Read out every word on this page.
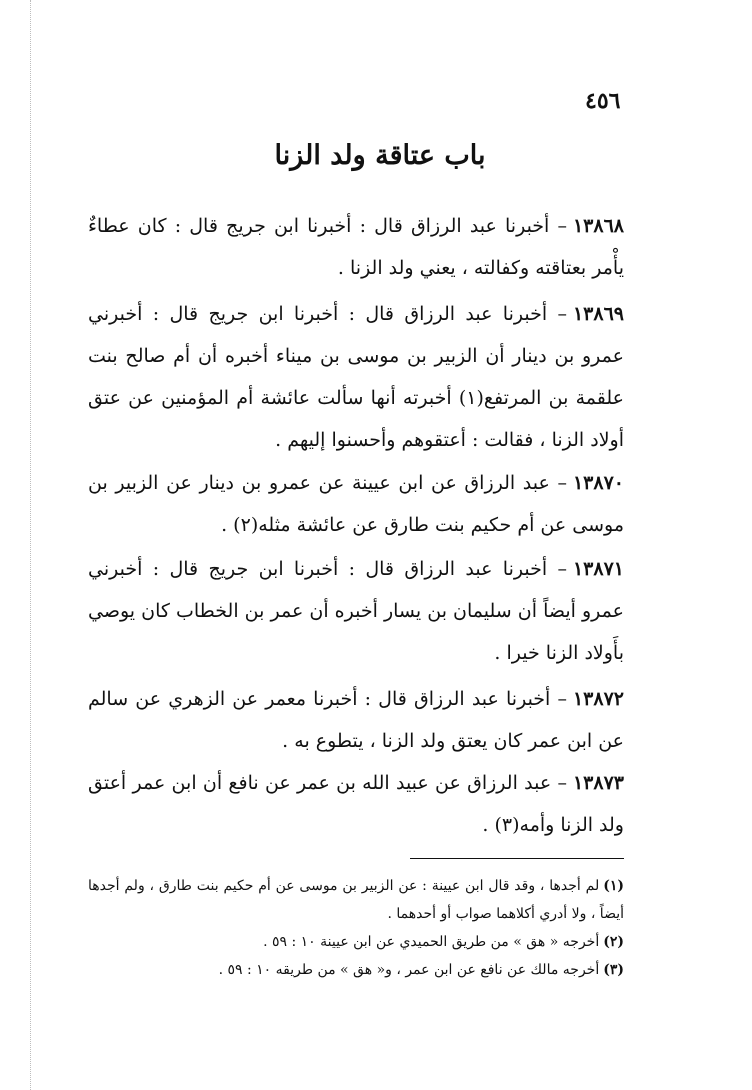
٤٥٦
باب عتاقة ولد الزنا
١٣٨٦٨– أخبرنا عبد الرزاق قال : أخبرنا ابن جريج قال : كان عطاءٌ يأْمر بعتاقته وكفالته ، يعني ولد الزنا .
١٣٨٦٩– أخبرنا عبد الرزاق قال : أخبرنا ابن جريج قال : أخبرني عمرو بن دينار أن الزبير بن موسى بن ميناء أخبره أن أم صالح بنت علقمة بن المرتفع(١) أخبرته أنها سألت عائشة أم المؤمنين عن عتق أولاد الزنا ، فقالت : أعتقوهم وأحسنوا إليهم .
١٣٨٧٠– عبد الرزاق عن ابن عيينة عن عمرو بن دينار عن الزبير بن موسى عن أم حكيم بنت طارق عن عائشة مثله(٢) .
١٣٨٧١– أخبرنا عبد الرزاق قال : أخبرنا ابن جريج قال : أخبرني عمرو أيضاً أن سليمان بن يسار أخبره أن عمر بن الخطاب كان يوصي بأَولاد الزنا خيرا .
١٣٨٧٢– أخبرنا عبد الرزاق قال : أخبرنا معمر عن الزهري عن سالم عن ابن عمر كان يعتق ولد الزنا ، يتطوع به .
١٣٨٧٣– عبد الرزاق عن عبيد الله بن عمر عن نافع أن ابن عمر أعتق ولد الزنا وأمه(٣) .

(١)لم أجدها ، وقد قال ابن عيينة : عن الزبير بن موسى عن أم حكيم بنت طارق ، ولم أجدها أيضاً ، ولا أدري أكلاهما صواب أو أحدهما .

(٢)أخرجه « هق » من طريق الحميدي عن ابن عيينة ١٠ : ٥٩ .

(٣)أخرجه مالك عن نافع عن ابن عمر ، و« هق » من طريقه ١٠ : ٥٩ .
